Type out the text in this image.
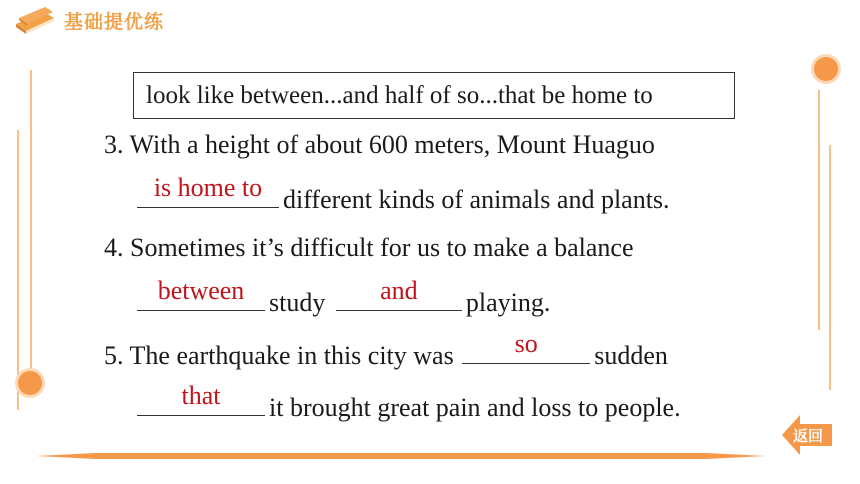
基础提优练
look like between...and half of so...that be home to
3. With a height of about 600 meters, Mount Huaguo
is home to different kinds of animals and plants.
4. Sometimes it’s difficult for us to make a balance
between study	and	playing.
5. The earthquake in this city was	so	sudden
that	it brought great pain and loss to people.
返回
